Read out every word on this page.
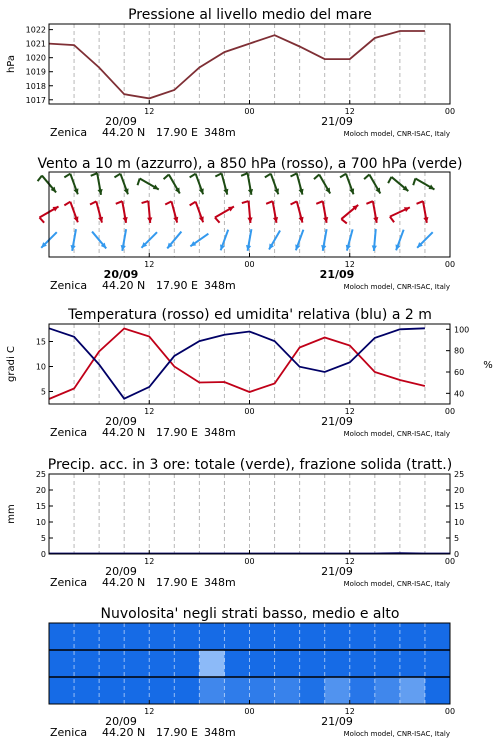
Pressione al livello medio del mare
1017
1018
1019
1020
1021
1022
hPa
12	00	12	00
20/09	21/09
Zenica 44.20 N 17.90 E 348m	Moloch model, CNR-ISAC, Italy
Vento a 10 m (azzurro), a 850 hPa (rosso), a 700 hPa (verde)
12	00	12	00
20/09	21/09
Zenica 44.20 N 17.90 E 348m	Moloch model, CNR-ISAC, Italy
Temperatura (rosso) ed umidita' relativa (blu) a 2 m
5
10
15
40
60
80
100
gradi C	%
12	00	12	00
20/09	21/09
Zenica 44.20 N 17.90 E 348m	Moloch model, CNR-ISAC, Italy
Precip. acc. in 3 ore: totale (verde), frazione solida (tratt.)
0	0
5	5
10	10
15	15
20	20
25	25
mm
12	00	12	00
20/09	21/09
Zenica 44.20 N 17.90 E 348m	Moloch model, CNR-ISAC, Italy
Nuvolosita' negli strati basso, medio e alto
12	00	12	00
20/09	21/09
Zenica 44.20 N 17.90 E 348m	Moloch model, CNR-ISAC, Italy
